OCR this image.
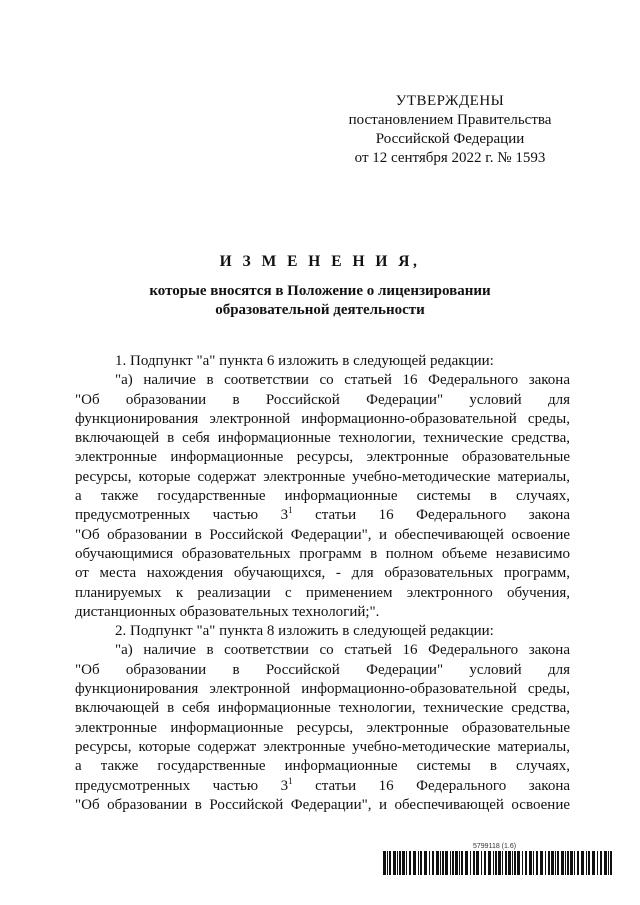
УТВЕРЖДЕНЫ
постановлением Правительства
Российской Федерации
от 12 сентября 2022 г. № 1593
И З М Е Н Е Н И Я,
которые вносятся в Положение о лицензировании
образовательной деятельности

1. Подпункт "а" пункта 6 изложить в следующей редакции:

"а) наличие в соответствии со статьей 16 Федерального закона

"Об образовании в Российской Федерации" условий для

функционирования электронной информационно-образовательной среды,

включающей в себя информационные технологии, технические средства,

электронные информационные ресурсы, электронные образовательные

ресурсы, которые содержат электронные учебно-методические материалы,

а также государственные информационные системы в случаях,

предусмотренных частью $3^1$ статьи 16 Федерального закона

"Об образовании в Российской Федерации", и обеспечивающей освоение

обучающимися образовательных программ в полном объеме независимо

от места нахождения обучающихся, - для образовательных программ,

планируемых к реализации с применением электронного обучения,

дистанционных образовательных технологий;".

2. Подпункт "а" пункта 8 изложить в следующей редакции:

"а) наличие в соответствии со статьей 16 Федерального закона

"Об образовании в Российской Федерации" условий для

функционирования электронной информационно-образовательной среды,

включающей в себя информационные технологии, технические средства,

электронные информационные ресурсы, электронные образовательные

ресурсы, которые содержат электронные учебно-методические материалы,

а также государственные информационные системы в случаях,

предусмотренных частью $3^1$ статьи 16 Федерального закона

"Об образовании в Российской Федерации", и обеспечивающей освоение

5799118 (1.6)
